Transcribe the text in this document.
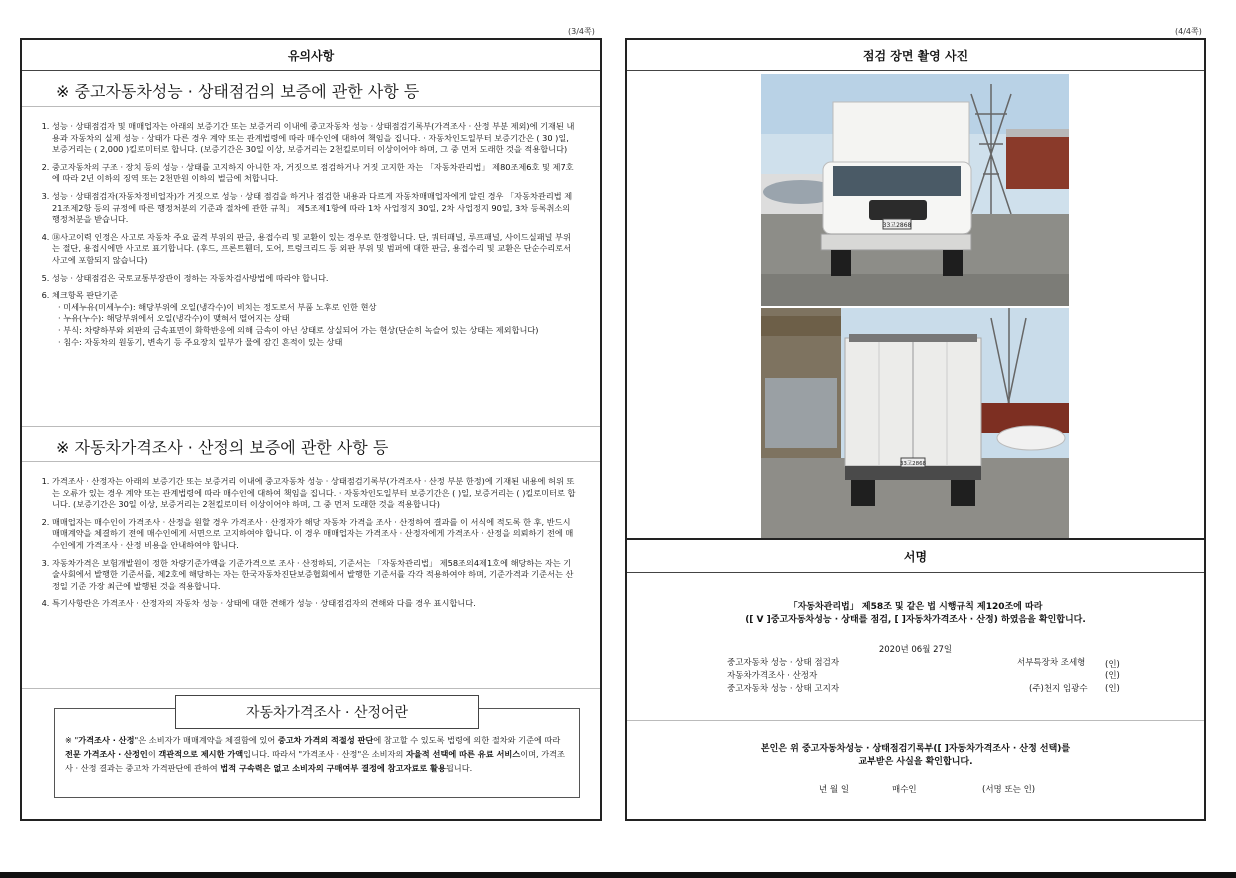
(3/4쪽)
유의사항
※ 중고자동차성능 · 상태점검의 보증에 관한 사항 등
1. 성능 · 상태점검자 및 매매업자는 아래의 보증기간 또는 보증거리 이내에 중고자동차 성능 · 상태점검기록부(가격조사 · 산정 부분 제외)에 기재된 내용과 자동차의 실제 성능 · 상태가 다른 경우 계약 또는 관계법령에 따라 매수인에 대하여 책임을 집니다. · 자동차인도일부터 보증기간은 ( 30 )일, 보증거리는 ( 2,000 )킬로미터로 합니다. (보증기간은 30일 이상, 보증거리는 2천킬로미터 이상이어야 하며, 그 중 먼저 도래한 것을 적용합니다)
2. 중고자동차의 구조 · 장치 등의 성능 · 상태를 고지하지 아니한 자, 거짓으로 점검하거나 거짓 고지한 자는 「자동차관리법」 제80조제6호 및 제7호에 따라 2년 이하의 징역 또는 2천만원 이하의 벌금에 처합니다.
3. 성능 · 상태점검자(자동차정비업자)가 거짓으로 성능 · 상태 점검을 하거나 점검한 내용과 다르게 자동차매매업자에게 알린 경우 「자동차관리법 제21조제2항 등의 규정에 따른 행정처분의 기준과 절차에 관한 규칙」 제5조제1항에 따라 1차 사업정지 30일, 2차 사업정지 90일, 3차 등록취소의 행정처분을 받습니다.
4. ⑱사고이력 인정은 사고로 자동차 주요 골격 부위의 판금, 용접수리 및 교환이 있는 경우로 한정합니다. 단, 쿼터패널, 루프패널, 사이드실패널 부위는 절단, 용접시에만 사고로 표기합니다. (후드, 프론트휀더, 도어, 트렁크리드 등 외판 부위 및 범퍼에 대한 판금, 용접수리 및 교환은 단순수리로서 사고에 포함되지 않습니다)
5. 성능 · 상태점검은 국토교통부장관이 정하는 자동차검사방법에 따라야 합니다.
6. 체크항목 판단기준
· 미세누유(미세누수): 해당부위에 오일(냉각수)이 비치는 정도로서 부품 노후로 인한 현상
· 누유(누수): 해당부위에서 오일(냉각수)이 맺혀서 떨어지는 상태
· 부식: 차량하부와 외판의 금속표면이 화학반응에 의해 금속이 아닌 상태로 상실되어 가는 현상(단순히 녹슬어 있는 상태는 제외합니다)
· 침수: 자동차의 원동기, 변속기 등 주요장치 일부가 물에 잠긴 흔적이 있는 상태
※ 자동차가격조사 · 산정의 보증에 관한 사항 등
1. 가격조사 · 산정자는 아래의 보증기간 또는 보증거리 이내에 중고자동차 성능 · 상태점검기록부(가격조사 · 산정 부분 한정)에 기재된 내용에 허위 또는 오류가 있는 경우 계약 또는 관계법령에 따라 매수인에 대하여 책임을 집니다. · 자동차인도일부터 보증기간은 ( )일, 보증거리는 ( )킬로미터로 합니다. (보증기간은 30일 이상, 보증거리는 2천킬로미터 이상이어야 하며, 그 중 먼저 도래한 것을 적용합니다)
2. 매매업자는 매수인이 가격조사 · 산정을 원할 경우 가격조사 · 산정자가 해당 자동차 가격을 조사 · 산정하여 결과를 이 서식에 적도록 한 후, 반드시 매매계약을 체결하기 전에 매수인에게 서면으로 고지하여야 합니다. 이 경우 매매업자는 가격조사 · 산정자에게 가격조사 · 산정을 의뢰하기 전에 매수인에게 가격조사 · 산정 비용을 안내하여야 합니다.
3. 자동차가격은 보험개발원이 정한 차량기준가액을 기준가격으로 조사 · 산정하되, 기준서는 「자동차관리법」 제58조의4제1호에 해당하는 자는 기술사회에서 발행한 기준서를, 제2호에 해당하는 자는 한국자동차진단보증협회에서 발행한 기준서를 각각 적용하여야 하며, 기준가격과 기준서는 산정일 기준 가장 최근에 발행된 것을 적용합니다.
4. 특기사항란은 가격조사 · 산정자의 자동차 성능 · 상태에 대한 견해가 성능 · 상태점검자의 견해와 다를 경우 표시합니다.
자동차가격조사 · 산정어란
※ "가격조사 · 산정"은 소비자가 매매계약을 체결함에 있어 중고차 가격의 적절성 판단에 참고할 수 있도록 법령에 의한 절차와 기준에 따라 전문 가격조사 · 산정인이 객관적으로 제시한 가액입니다. 따라서 "가격조사 · 산정"은 소비자의 자율적 선택에 따른 유료 서비스이며, 가격조사 · 산정 결과는 중고차 가격판단에 관하여 법적 구속력은 없고 소비자의 구매여부 결정에 참고자료로 활용됩니다.
(4/4쪽)
점검 장면 촬영 사진
33고2868
33고2868
서명
「자동차관리법」 제58조 및 같은 법 시행규칙 제120조에 따라
([ V ]중고자동차성능 · 상태를 점검, [ ]자동차가격조사 · 산정) 하였음을 확인합니다.
2020년 06월 27일
중고자동차 성능 · 상태 점검자	서부특장차 조세형 (인)
자동차가격조사 · 산정자	(인)
중고자동차 성능 · 상태 고지자	(주)천지 임광수 (인)
본인은 위 중고자동차성능 · 상태점검기록부([ ]자동차가격조사 · 산정 선택)를
교부받은 사실을 확인합니다.
년 월 일	매수인	(서명 또는 인)
